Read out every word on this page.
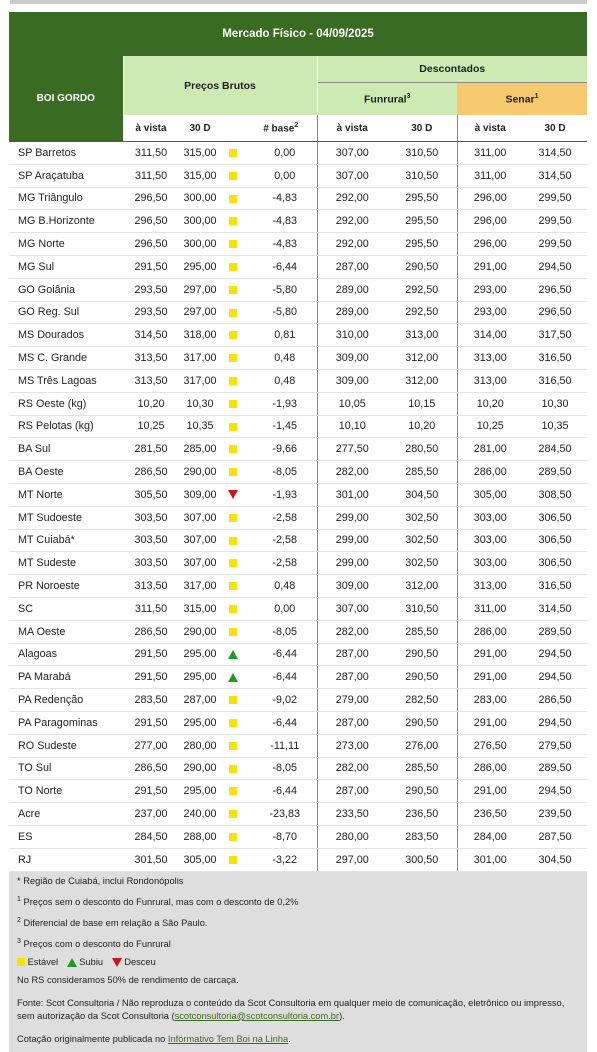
Mercado Físico - 04/09/2025								
BOI GORDO	Preços Brutos				Descontados			
					Funrural$^3$		Senar$^1$
	à vista	30 D		# base$^2$	à vista	30 D	à vista	30 D
SP Barretos	311,50	315,00		0,00	307,00	310,50	311,00	314,50
SP Araçatuba	311,50	315,00		0,00	307,00	310,50	311,00	314,50
MG Triângulo	296,50	300,00		-4,83	292,00	295,50	296,00	299,50
MG B.Horizonte	296,50	300,00		-4,83	292,00	295,50	296,00	299,50
MG Norte	296,50	300,00		-4,83	292,00	295,50	296,00	299,50
MG Sul	291,50	295,00		-6,44	287,00	290,50	291,00	294,50
GO Goiânia	293,50	297,00		-5,80	289,00	292,50	293,00	296,50
GO Reg. Sul	293,50	297,00		-5,80	289,00	292,50	293,00	296,50
MS Dourados	314,50	318,00		0,81	310,00	313,00	314,00	317,50
MS C. Grande	313,50	317,00		0,48	309,00	312,00	313,00	316,50
MS Três Lagoas	313,50	317,00		0,48	309,00	312,00	313,00	316,50
RS Oeste (kg)	10,20	10,30		-1,93	10,05	10,15	10,20	10,30
RS Pelotas (kg)	10,25	10,35		-1,45	10,10	10,20	10,25	10,35
BA Sul	281,50	285,00		-9,66	277,50	280,50	281,00	284,50
BA Oeste	286,50	290,00		-8,05	282,00	285,50	286,00	289,50
MT Norte	305,50	309,00		-1,93	301,00	304,50	305,00	308,50
MT Sudoeste	303,50	307,00		-2,58	299,00	302,50	303,00	306,50
MT Cuiabá*	303,50	307,00		-2,58	299,00	302,50	303,00	306,50
MT Sudeste	303,50	307,00		-2,58	299,00	302,50	303,00	306,50
PR Noroeste	313,50	317,00		0,48	309,00	312,00	313,00	316,50
SC	311,50	315,00		0,00	307,00	310,50	311,00	314,50
MA Oeste	286,50	290,00		-8,05	282,00	285,50	286,00	289,50
Alagoas	291,50	295,00		-6,44	287,00	290,50	291,00	294,50
PA Marabá	291,50	295,00		-6,44	287,00	290,50	291,00	294,50
PA Redenção	283,50	287,00		-9,02	279,00	282,50	283,00	286,50
PA Paragominas	291,50	295,00		-6,44	287,00	290,50	291,00	294,50
RO Sudeste	277,00	280,00		-11,11	273,00	276,00	276,50	279,50
TO Sul	286,50	290,00		-8,05	282,00	285,50	286,00	289,50
TO Norte	291,50	295,00		-6,44	287,00	290,50	291,00	294,50
Acre	237,00	240,00		-23,83	233,50	236,50	236,50	239,50
ES	284,50	288,00		-8,70	280,00	283,50	284,00	287,50
RJ	301,50	305,00		-3,22	297,00	300,50	301,00	304,50

* Região de Cuiabá, inclui Rondonópolis

$^1$ Preços sem o desconto do Funrural, mas com o desconto de 0,2%

$^2$ Diferencial de base em relação a São Paulo.

$^3$ Preços com o desconto do Funrural

Estável Subiu Desceu

No RS consideramos 50% de rendimento de carcaça.

Fonte: Scot Consultoria / Não reproduza o conteúdo da Scot Consultoria em qualquer meio de comunicação, eletrônico ou impresso, sem autorização da Scot Consultoria (scotconsultoria@scotconsultoria.com.br).

Cotação originalmente publicada no Informativo Tem Boi na Linha.
